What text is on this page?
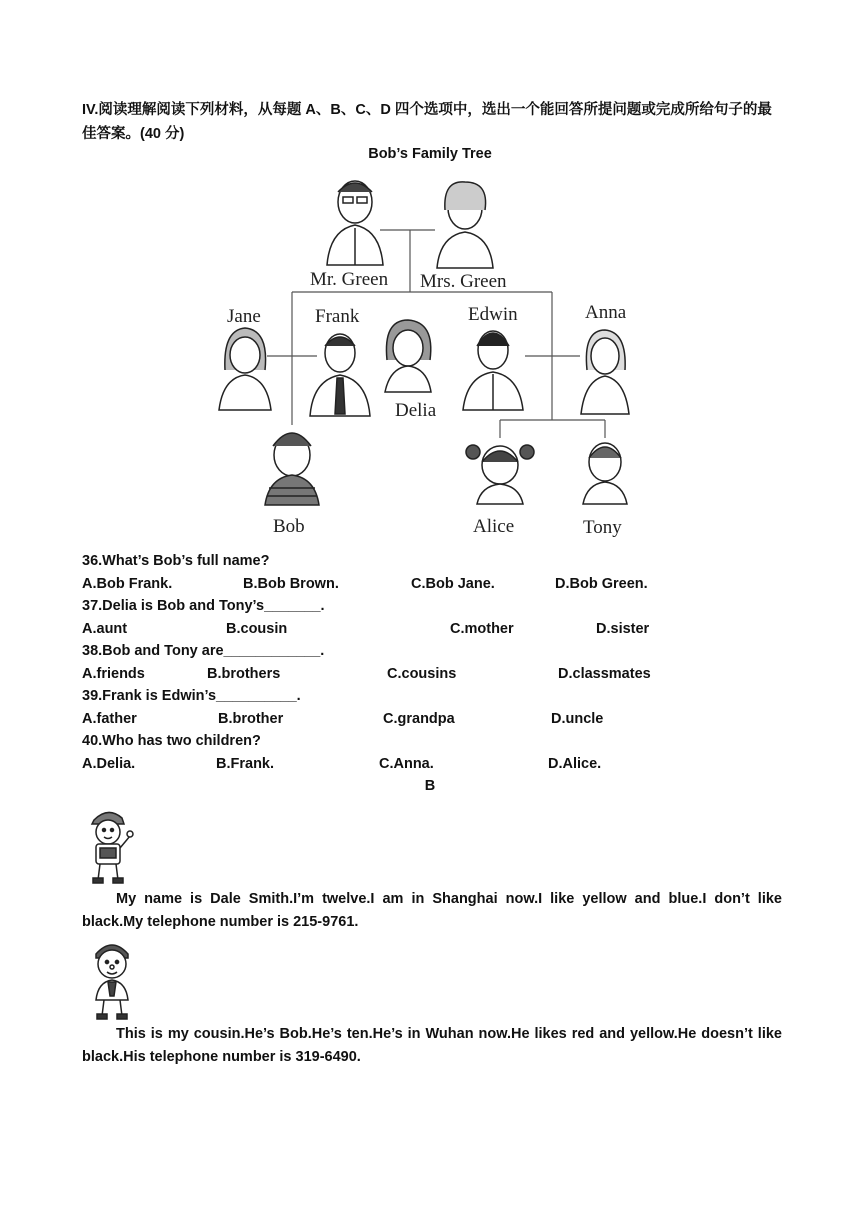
IV.阅读理解阅读下列材料，从每题 A、B、C、D 四个选项中，选出一个能回答所提问题或完成所给句子的最佳答案。(40 分)
Bob’s Family Tree
Mr. Green Mrs. Green
Jane	Frank
Delia
Edwin	Anna
Bob	Alice	Tony
36.What’s Bob’s full name?
A.Bob Frank.	B.Bob Brown.	C.Bob Jane.	D.Bob Green.
37.Delia is Bob and Tony’s_______.
A.aunt	B.cousin	C.mother	D.sister
38.Bob and Tony are____________.
A.friends	B.brothers	C.cousins	D.classmates
39.Frank is Edwin’s__________.
A.father	B.brother	C.grandpa	D.uncle
40.Who has two children?
A.Delia.	B.Frank.	C.Anna.	D.Alice.
B
My name is Dale Smith.I’m twelve.I am in Shanghai now.I like yellow and blue.I don’t like black.My telephone number is 215-9761.
This is my cousin.He’s Bob.He’s ten.He’s in Wuhan now.He likes red and yellow.He doesn’t like black.His telephone number is 319-6490.
